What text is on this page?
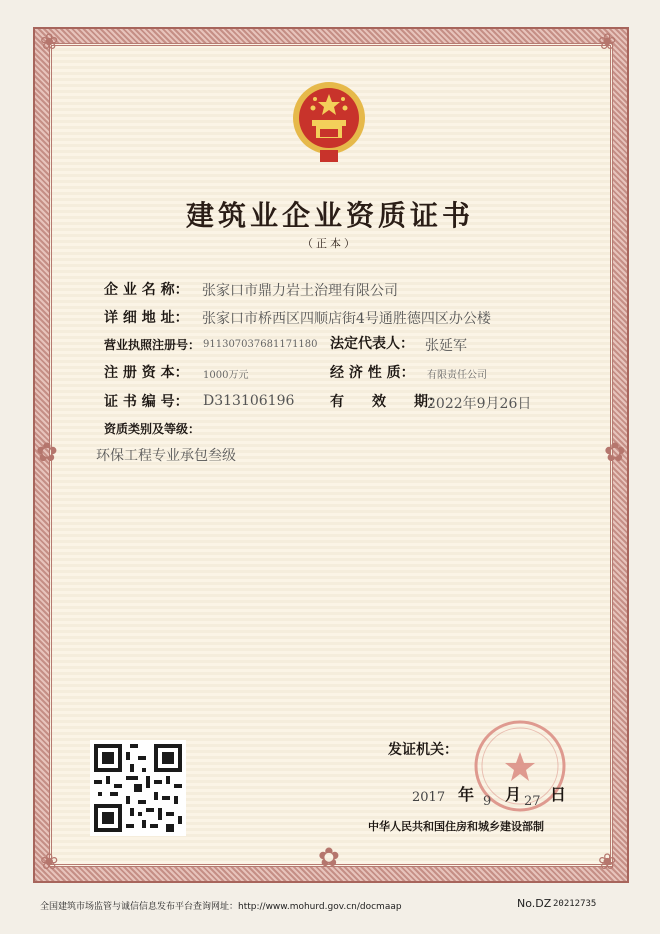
❀	❀
❀	❀
✿
✿
✿
建筑业企业资质证书
（正本）
企 业 名 称： 张家口市鼎力岩土治理有限公司
详 细 地 址： 张家口市桥西区四顺店街4号通胜德四区办公楼
营业执照注册号： 911307037681171180 法定代表人： 张延军
注 册 资 本： 1000万元	经 济 性 质： 有限责任公司
证 书 编 号： D313106196	有　　效　　期：
2022年9月26日
资质类别及等级：
环保工程专业承包叁级
发证机关：
2017 年 9 月 27 日
中华人民共和国住房和城乡建设部制
全国建筑市场监管与诚信信息发布平台查询网址：http://www.mohurd.gov.cn/docmaap	No.DZ 20212735
